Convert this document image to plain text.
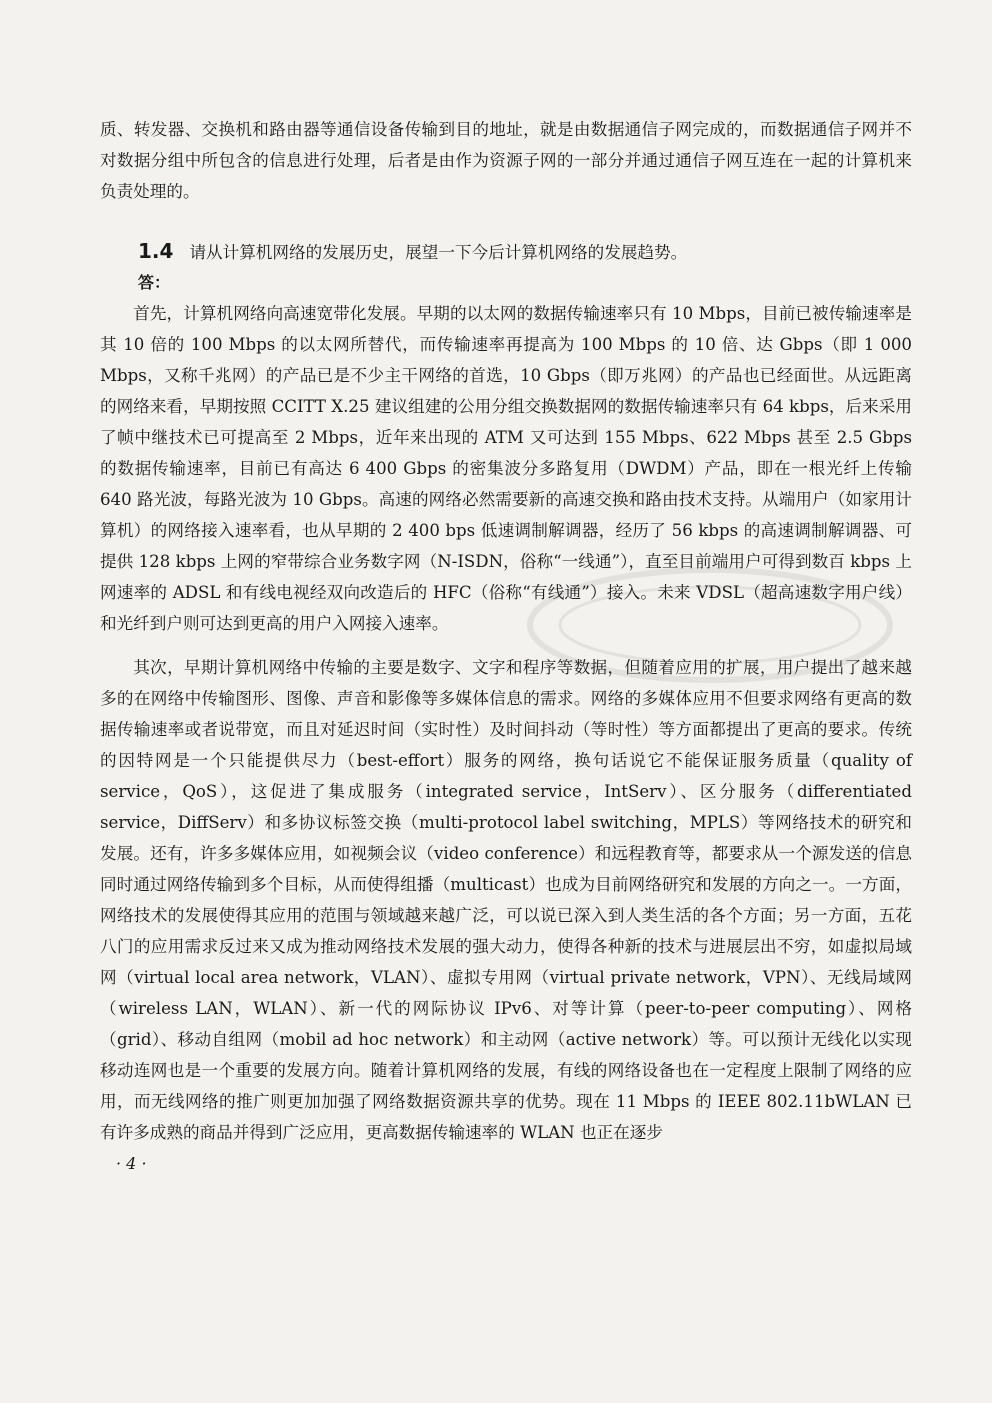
质、转发器、交换机和路由器等通信设备传输到目的地址，就是由数据通信子网完成的，而数据通信子网并不对数据分组中所包含的信息进行处理，后者是由作为资源子网的一部分并通过通信子网互连在一起的计算机来负责处理的。

1.4 请从计算机网络的发展历史，展望一下今后计算机网络的发展趋势。
答：

首先，计算机网络向高速宽带化发展。早期的以太网的数据传输速率只有 10 Mbps，目前已被传输速率是其 10 倍的 100 Mbps 的以太网所替代，而传输速率再提高为 100 Mbps 的 10 倍、达 Gbps（即 1 000 Mbps，又称千兆网）的产品已是不少主干网络的首选，10 Gbps（即万兆网）的产品也已经面世。从远距离的网络来看，早期按照 CCITT X.25 建议组建的公用分组交换数据网的数据传输速率只有 64 kbps，后来采用了帧中继技术已可提高至 2 Mbps，近年来出现的 ATM 又可达到 155 Mbps、622 Mbps 甚至 2.5 Gbps 的数据传输速率，目前已有高达 6 400 Gbps 的密集波分多路复用（DWDM）产品，即在一根光纤上传输 640 路光波，每路光波为 10 Gbps。高速的网络必然需要新的高速交换和路由技术支持。从端用户（如家用计算机）的网络接入速率看，也从早期的 2 400 bps 低速调制解调器，经历了 56 kbps 的高速调制解调器、可提供 128 kbps 上网的窄带综合业务数字网（N-ISDN，俗称“一线通”），直至目前端用户可得到数百 kbps 上网速率的 ADSL 和有线电视经双向改造后的 HFC（俗称“有线通”）接入。未来 VDSL（超高速数字用户线）和光纤到户则可达到更高的用户入网接入速率。

其次，早期计算机网络中传输的主要是数字、文字和程序等数据，但随着应用的扩展，用户提出了越来越多的在网络中传输图形、图像、声音和影像等多媒体信息的需求。网络的多媒体应用不但要求网络有更高的数据传输速率或者说带宽，而且对延迟时间（实时性）及时间抖动（等时性）等方面都提出了更高的要求。传统的因特网是一个只能提供尽力（best-effort）服务的网络，换句话说它不能保证服务质量（quality of service，QoS），这促进了集成服务（integrated service，IntServ）、区分服务（differentiated service，DiffServ）和多协议标签交换（multi-protocol label switching，MPLS）等网络技术的研究和发展。还有，许多多媒体应用，如视频会议（video conference）和远程教育等，都要求从一个源发送的信息同时通过网络传输到多个目标，从而使得组播（multicast）也成为目前网络研究和发展的方向之一。一方面，网络技术的发展使得其应用的范围与领域越来越广泛，可以说已深入到人类生活的各个方面；另一方面，五花八门的应用需求反过来又成为推动网络技术发展的强大动力，使得各种新的技术与进展层出不穷，如虚拟局域网（virtual local area network，VLAN）、虚拟专用网（virtual private network，VPN）、无线局域网（wireless LAN，WLAN）、新一代的网际协议 IPv6、对等计算（peer-to-peer computing）、网格（grid）、移动自组网（mobil ad hoc network）和主动网（active network）等。可以预计无线化以实现移动连网也是一个重要的发展方向。随着计算机网络的发展，有线的网络设备也在一定程度上限制了网络的应用，而无线网络的推广则更加加强了网络数据资源共享的优势。现在 11 Mbps 的 IEEE 802.11bWLAN 已有许多成熟的商品并得到广泛应用，更高数据传输速率的 WLAN 也正在逐步

· 4 ·
